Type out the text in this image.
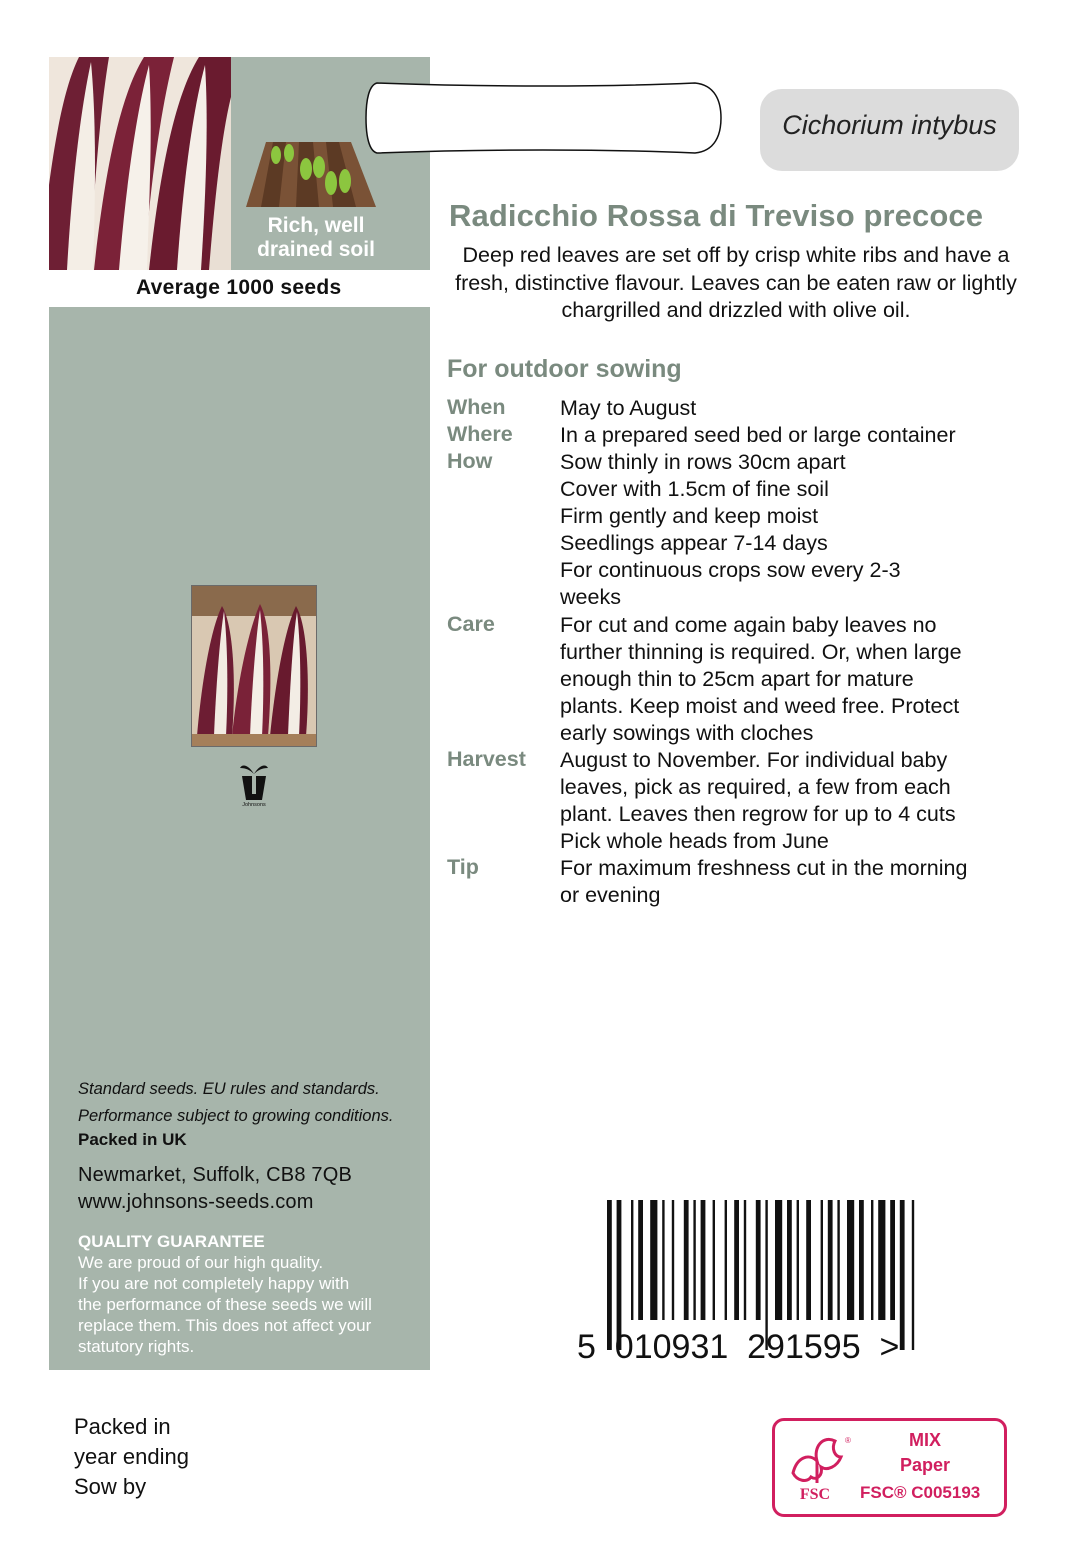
Rich, well drained soil
Average 1000 seeds
Johnsons
Standard seeds. EU rules and standards.
Performance subject to growing conditions.
Packed in UK
Newmarket, Suffolk, CB8 7QB
www.johnsons-seeds.com
QUALITY GUARANTEE
We are proud of our high quality.
If you are not completely happy with
the performance of these seeds we will
replace them. This does not affect your
statutory rights.
Packed in
year ending
Sow by
Cichorium intybus
Radicchio Rossa di Treviso precoce
Deep red leaves are set off by crisp white ribs and have a fresh, distinctive flavour. Leaves can be eaten raw or lightly chargrilled and drizzled with olive oil.
For outdoor sowing
When	May to August
Where	In a prepared seed bed or large container
How	Sow thinly in rows 30cm apart
Cover with 1.5cm of fine soil
Firm gently and keep moist
Seedlings appear 7-14 days
For continuous crops sow every 2-3
weeks
Care	For cut and come again baby leaves no
further thinning is required. Or, when large
enough thin to 25cm apart for mature
plants. Keep moist and weed free. Protect
early sowings with cloches
Harvest	August to November. For individual baby
leaves, pick as required, a few from each
plant. Leaves then regrow for up to 4 cuts
Pick whole heads from June
Tip	For maximum freshness cut in the morning
or evening
5  010931  291595  >
®
FSC
MIX
Paper
FSC® C005193
